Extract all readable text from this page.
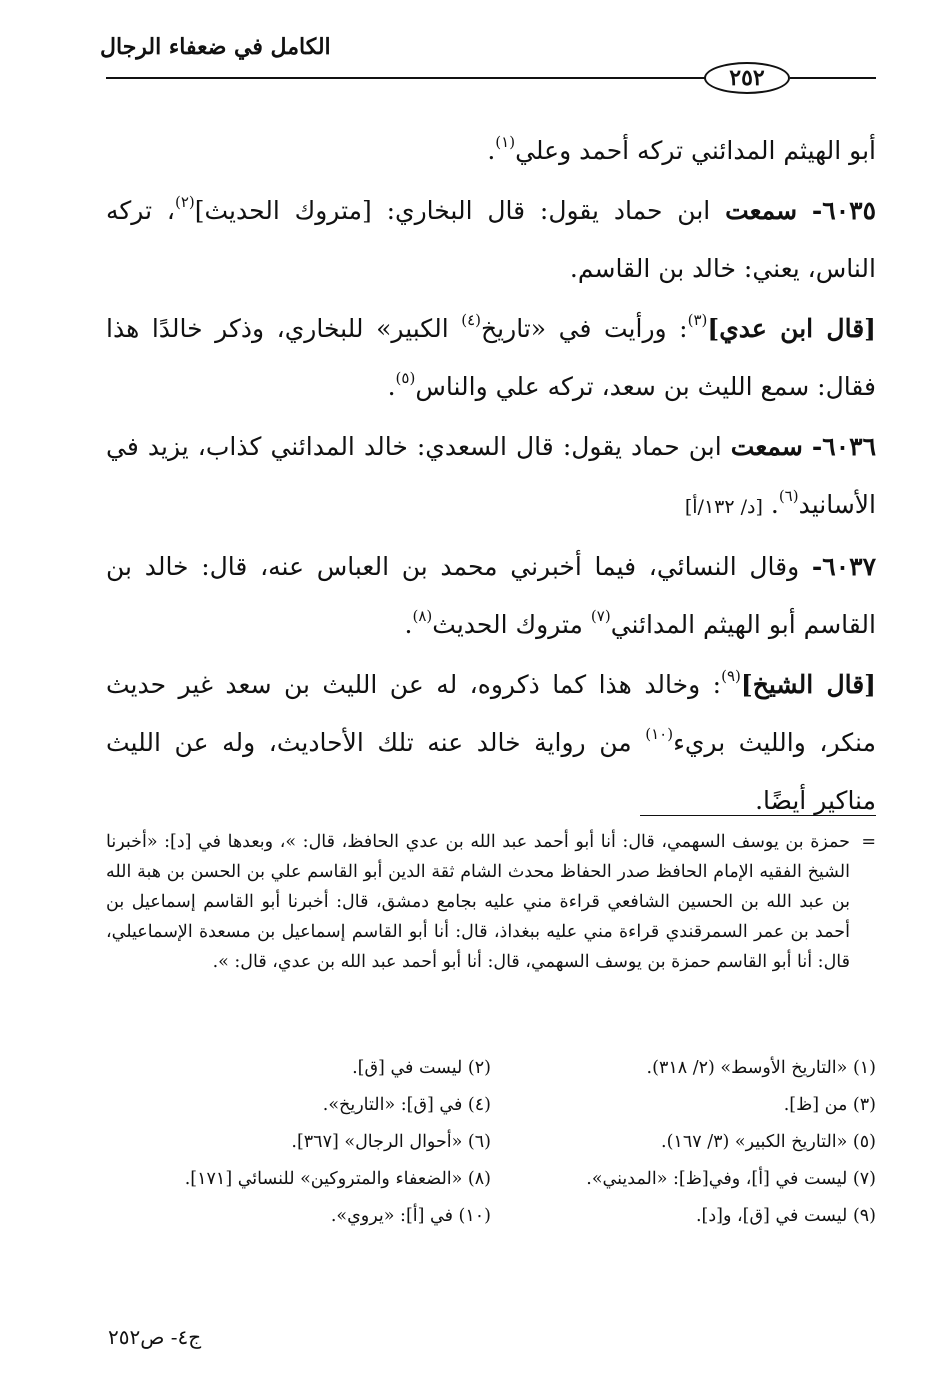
الكامل في ضعفاء الرجال
٢٥٢

أبو الهيثم المدائني تركه أحمد وعلي$^{(١)}$.

٦٠٣٥- سمعت ابن حماد يقول: قال البخاري: [متروك الحديث]$^{(٢)}$، تركه الناس، يعني: خالد بن القاسم.

[قال ابن عدي]$^{(٣)}$: ورأيت في «تاريخ$^{(٤)}$ الكبير» للبخاري، وذكر خالدًا هذا فقال: سمع الليث بن سعد، تركه علي والناس$^{(٥)}$.

٦٠٣٦- سمعت ابن حماد يقول: قال السعدي: خالد المدائني كذاب، يزيد في الأسانيد$^{(٦)}$. [د/ ١٣٢/أ]

٦٠٣٧- وقال النسائي، فيما أخبرني محمد بن العباس عنه، قال: خالد بن القاسم أبو الهيثم المدائني$^{(٧)}$ متروك الحديث$^{(٨)}$.

[قال الشيخ]$^{(٩)}$: وخالد هذا كما ذكروه، له عن الليث بن سعد غير حديث منكر، والليث بريء$^{(١٠)}$ من رواية خالد عنه تلك الأحاديث، وله عن الليث مناكير أيضًا.

=
حمزة بن يوسف السهمي، قال: أنا أبو أحمد عبد الله بن عدي الحافظ، قال: »، وبعدها في [د]: «أخبرنا الشيخ الفقيه الإمام الحافظ صدر الحفاظ محدث الشام ثقة الدين أبو القاسم علي بن الحسن بن هبة الله بن عبد الله بن الحسين الشافعي قراءة مني عليه بجامع دمشق، قال: أخبرنا أبو القاسم إسماعيل بن أحمد بن عمر السمرقندي قراءة مني عليه ببغداذ، قال: أنا أبو القاسم إسماعيل بن مسعدة الإسماعيلي، قال: أنا أبو القاسم حمزة بن يوسف السهمي، قال: أنا أبو أحمد عبد الله بن عدي، قال: ».

(١) «التاريخ الأوسط» (٢/ ٣١٨).
(٢) ليست في [ق].
(٣) من [ظ].
(٤) في [ق]: «التاريخ».
(٥) «التاريخ الكبير» (٣/ ١٦٧).
(٦) «أحوال الرجال» [٣٦٧].
(٧) ليست في [أ]، وفي[ظ]: «المديني».
(٨) «الضعفاء والمتروكين» للنسائي [١٧١].
(٩) ليست في [ق]، و[د].
(١٠) في [أ]: «يروي».
ج٤- ص٢٥٢
